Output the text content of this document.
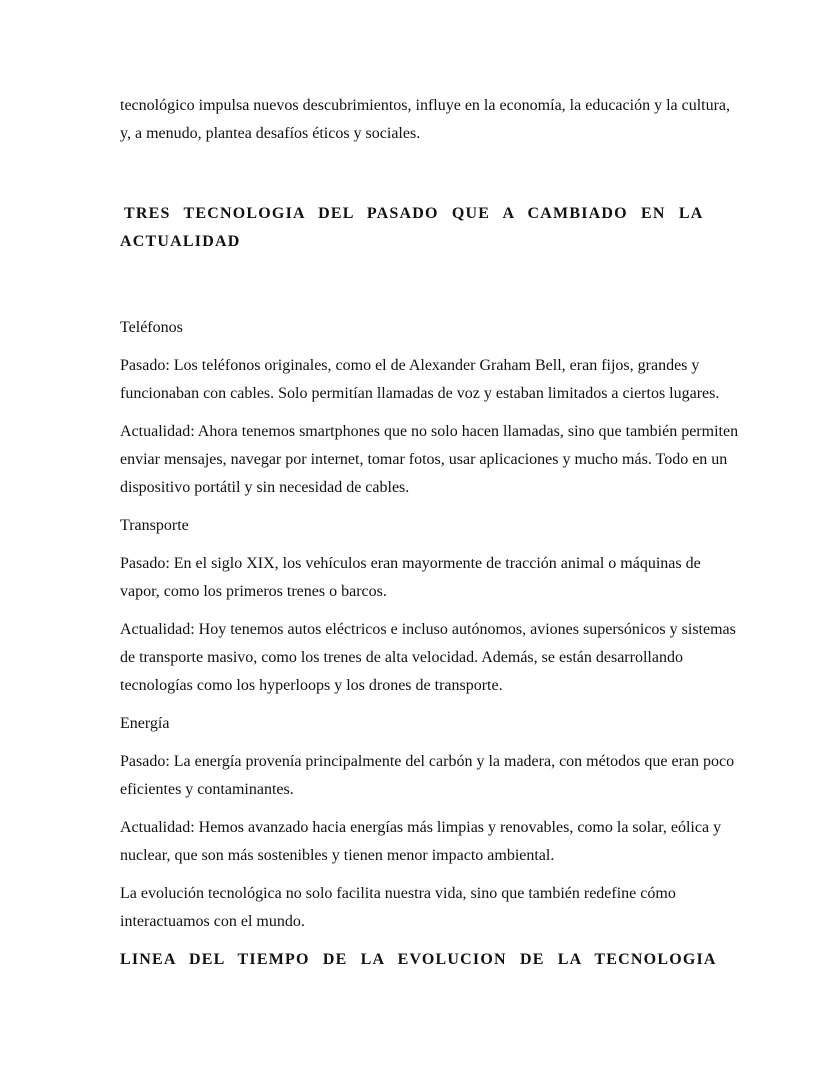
tecnológico impulsa nuevos descubrimientos, influye en la economía, la educación y la cultura, y, a menudo, plantea desafíos éticos y sociales.

TRES TECNOLOGIA DEL PASADO QUE A CAMBIADO EN LA ACTUALIDAD

Teléfonos

Pasado: Los teléfonos originales, como el de Alexander Graham Bell, eran fijos, grandes y funcionaban con cables. Solo permitían llamadas de voz y estaban limitados a ciertos lugares.

Actualidad: Ahora tenemos smartphones que no solo hacen llamadas, sino que también permiten enviar mensajes, navegar por internet, tomar fotos, usar aplicaciones y mucho más. Todo en un dispositivo portátil y sin necesidad de cables.

Transporte

Pasado: En el siglo XIX, los vehículos eran mayormente de tracción animal o máquinas de vapor, como los primeros trenes o barcos.

Actualidad: Hoy tenemos autos eléctricos e incluso autónomos, aviones supersónicos y sistemas de transporte masivo, como los trenes de alta velocidad. Además, se están desarrollando tecnologías como los hyperloops y los drones de transporte.

Energía

Pasado: La energía provenía principalmente del carbón y la madera, con métodos que eran poco eficientes y contaminantes.

Actualidad: Hemos avanzado hacia energías más limpias y renovables, como la solar, eólica y nuclear, que son más sostenibles y tienen menor impacto ambiental.

La evolución tecnológica no solo facilita nuestra vida, sino que también redefine cómo interactuamos con el mundo.

LINEA DEL TIEMPO DE LA EVOLUCION DE LA TECNOLOGIA
